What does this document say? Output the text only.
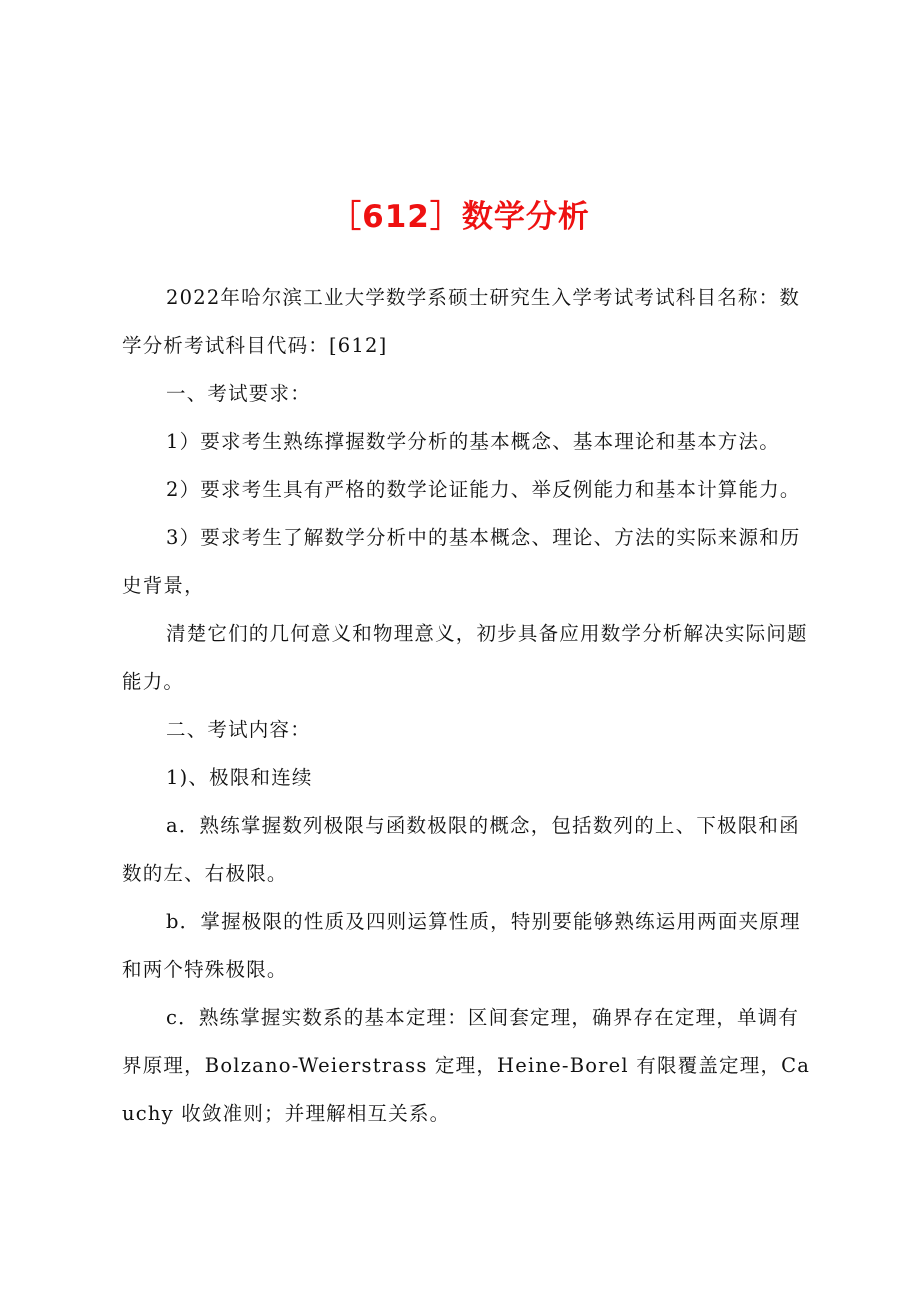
［612］数学分析

2022年哈尔滨工业大学数学系硕士研究生入学考试考试科目名称：数学分析考试科目代码：[612]

一、考试要求：

1）要求考生熟练撑握数学分析的基本概念、基本理论和基本方法。

2）要求考生具有严格的数学论证能力、举反例能力和基本计算能力。

3）要求考生了解数学分析中的基本概念、理论、方法的实际来源和历史背景，

清楚它们的几何意义和物理意义，初步具备应用数学分析解决实际问题能力。

二、考试内容：

1)、极限和连续

a．熟练掌握数列极限与函数极限的概念，包括数列的上、下极限和函数的左、右极限。

b．掌握极限的性质及四则运算性质，特别要能够熟练运用两面夹原理和两个特殊极限。

c．熟练掌握实数系的基本定理：区间套定理，确界存在定理，单调有界原理，Bolzano-Weierstrass 定理，Heine-Borel 有限覆盖定理，Cauchy 收敛准则；并理解相互关系。
